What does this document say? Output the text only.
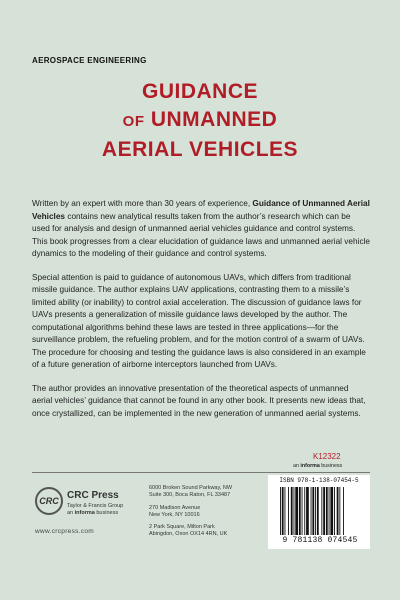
AEROSPACE ENGINEERING
GUIDANCE
OF UNMANNED
AERIAL VEHICLES

Written by an expert with more than 30 years of experience, Guidance of Unmanned Aerial Vehicles contains new analytical results taken from the author’s research which can be used for analysis and design of unmanned aerial vehicles guidance and control systems. This book progresses from a clear elucidation of guidance laws and unmanned aerial vehicle dynamics to the modeling of their guidance and control systems.

Special attention is paid to guidance of autonomous UAVs, which differs from traditional missile guidance. The author explains UAV applications, contrasting them to a missile’s limited ability (or inability) to control axial acceleration. The discussion of guidance laws for UAVs presents a generalization of missile guidance laws developed by the author. The computational algorithms behind these laws are tested in three applications—for the surveillance problem, the refueling problem, and for the motion control of a swarm of UAVs. The procedure for choosing and testing the guidance laws is also considered in an example of a future generation of airborne interceptors launched from UAVs.

The author provides an innovative presentation of the theoretical aspects of unmanned aerial vehicles’ guidance that cannot be found in any other book. It presents new ideas that, once crystallized, can be implemented in the new generation of unmanned aerial systems.

K12322
an informa business
CRC CRC Press
Taylor & Francis Group
an informa business
www.crcpress.com
6000 Broken Sound Parkway, NW
Suite 300, Boca Raton, FL 33487
270 Madison Avenue
New York, NY 10016
2 Park Square, Milton Park
Abingdon, Oxon OX14 4RN, UK
ISBN 978-1-138-07454-5
9 781138 074545
